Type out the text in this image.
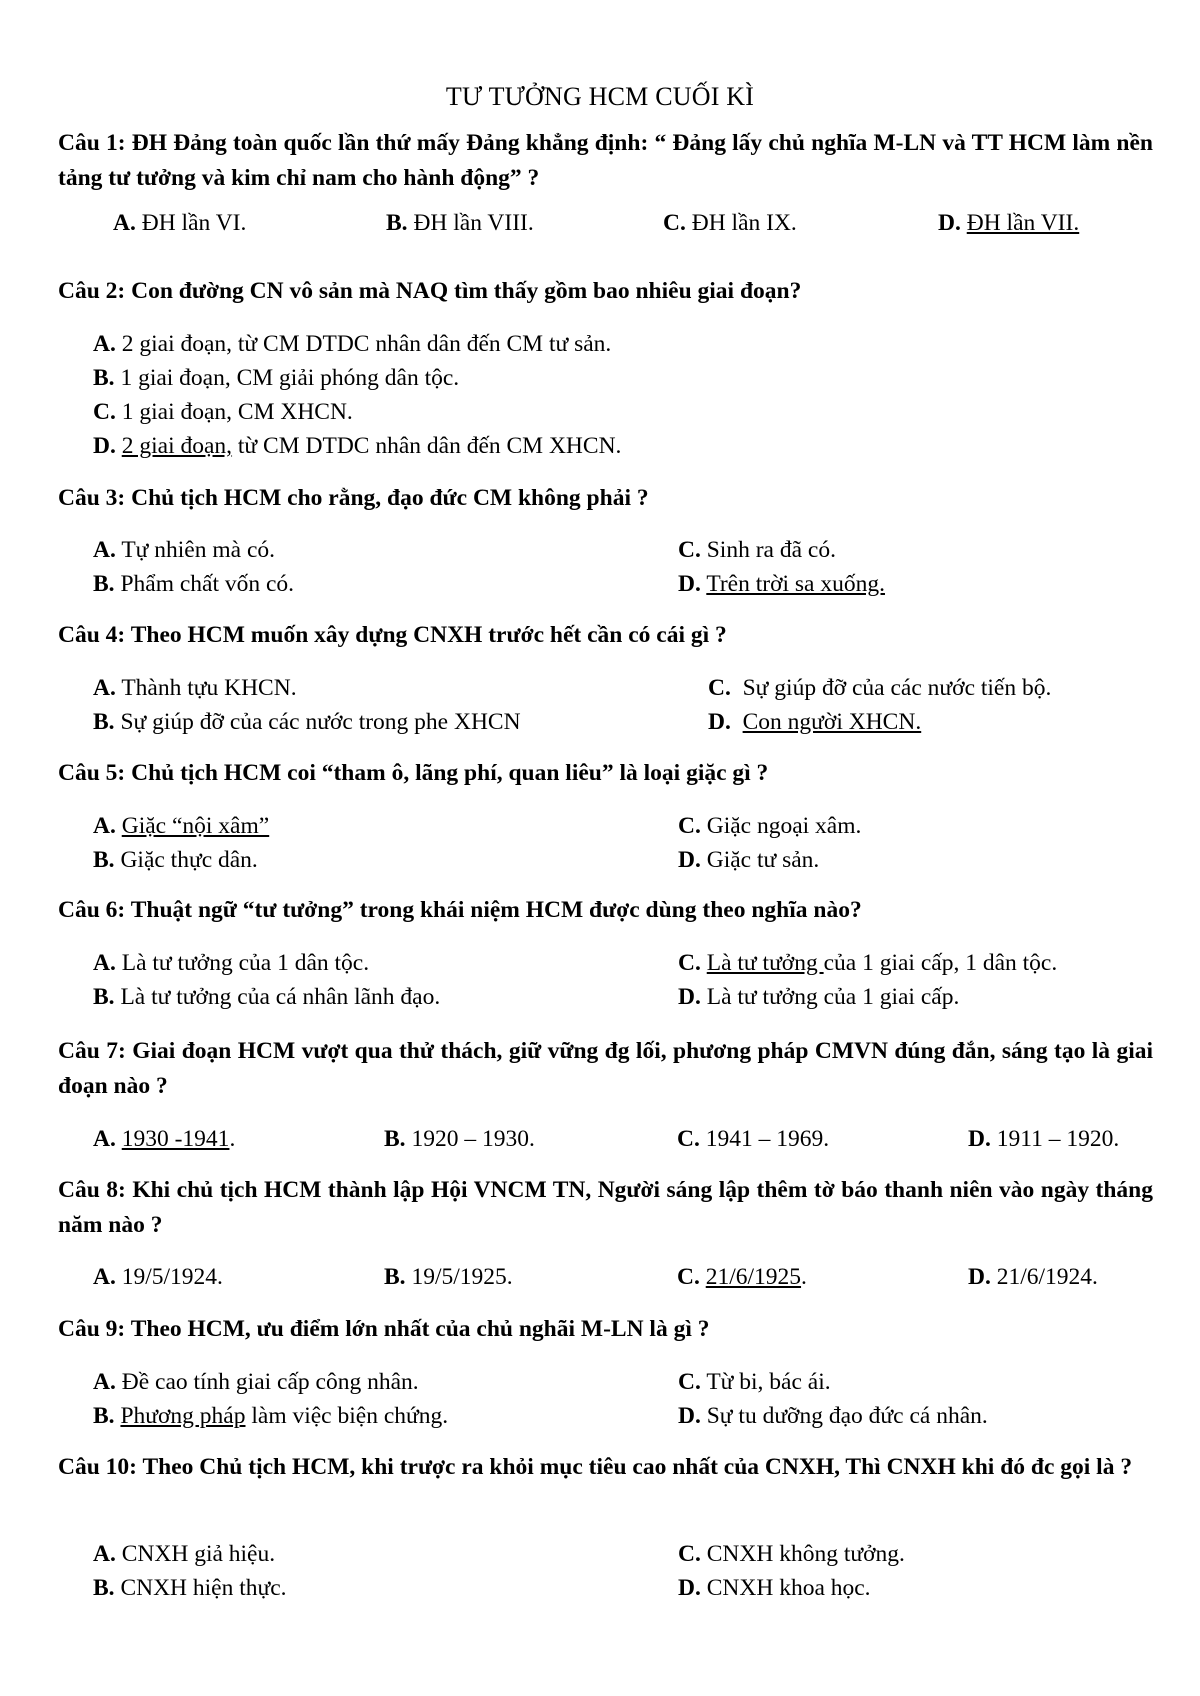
TƯ TƯỞNG HCM CUỐI KÌ
Câu 1: ĐH Đảng toàn quốc lần thứ mấy Đảng khẳng định: “ Đảng lấy chủ nghĩa M-LN và TT HCM làm nền tảng tư tưởng và kim chỉ nam cho hành động” ?
A. ĐH lần VI.	B. ĐH lần VIII.	C. ĐH lần IX.	D. ĐH lần VII.
Câu 2: Con đường CN vô sản mà NAQ tìm thấy gồm bao nhiêu giai đoạn?
A. 2 giai đoạn, từ CM DTDC nhân dân đến CM tư sản.
B. 1 giai đoạn, CM giải phóng dân tộc.
C. 1 giai đoạn, CM XHCN.
D. 2 giai đoạn, từ CM DTDC nhân dân đến CM XHCN.
Câu 3: Chủ tịch HCM cho rằng, đạo đức CM không phải ?
A. Tự nhiên mà có.
B. Phẩm chất vốn có.
C. Sinh ra đã có.
D. Trên trời sa xuống.
Câu 4: Theo HCM muốn xây dựng CNXH trước hết cần có cái gì ?
A. Thành tựu KHCN.
B. Sự giúp đỡ của các nước trong phe XHCN
C. Sự giúp đỡ của các nước tiến bộ.
D. Con người XHCN.
Câu 5: Chủ tịch HCM coi “tham ô, lãng phí, quan liêu” là loại giặc gì ?
A. Giặc “nội xâm”
B. Giặc thực dân.
C. Giặc ngoại xâm.
D. Giặc tư sản.
Câu 6: Thuật ngữ “tư tưởng” trong khái niệm HCM được dùng theo nghĩa nào?
A. Là tư tưởng của 1 dân tộc.
B. Là tư tưởng của cá nhân lãnh đạo.
C. Là tư tưởng của 1 giai cấp, 1 dân tộc.
D. Là tư tưởng của 1 giai cấp.
Câu 7: Giai đoạn HCM vượt qua thử thách, giữ vững đg lối, phương pháp CMVN đúng đắn, sáng tạo là giai đoạn nào ?
A. 1930 -1941.	B. 1920 – 1930.	C. 1941 – 1969.	D. 1911 – 1920.
Câu 8: Khi chủ tịch HCM thành lập Hội VNCM TN, Người sáng lập thêm tờ báo thanh niên vào ngày tháng năm nào ?
A. 19/5/1924.	B. 19/5/1925.	C. 21/6/1925.	D. 21/6/1924.
Câu 9: Theo HCM, ưu điểm lớn nhất của chủ nghãi M-LN là gì ?
A. Đề cao tính giai cấp công nhân.
B. Phương pháp làm việc biện chứng.
C. Từ bi, bác ái.
D. Sự tu dưỡng đạo đức cá nhân.
Câu 10: Theo Chủ tịch HCM, khi trược ra khỏi mục tiêu cao nhất của CNXH, Thì CNXH khi đó đc gọi là ?
A. CNXH giả hiệu.
B. CNXH hiện thực.
C. CNXH không tưởng.
D. CNXH khoa học.
